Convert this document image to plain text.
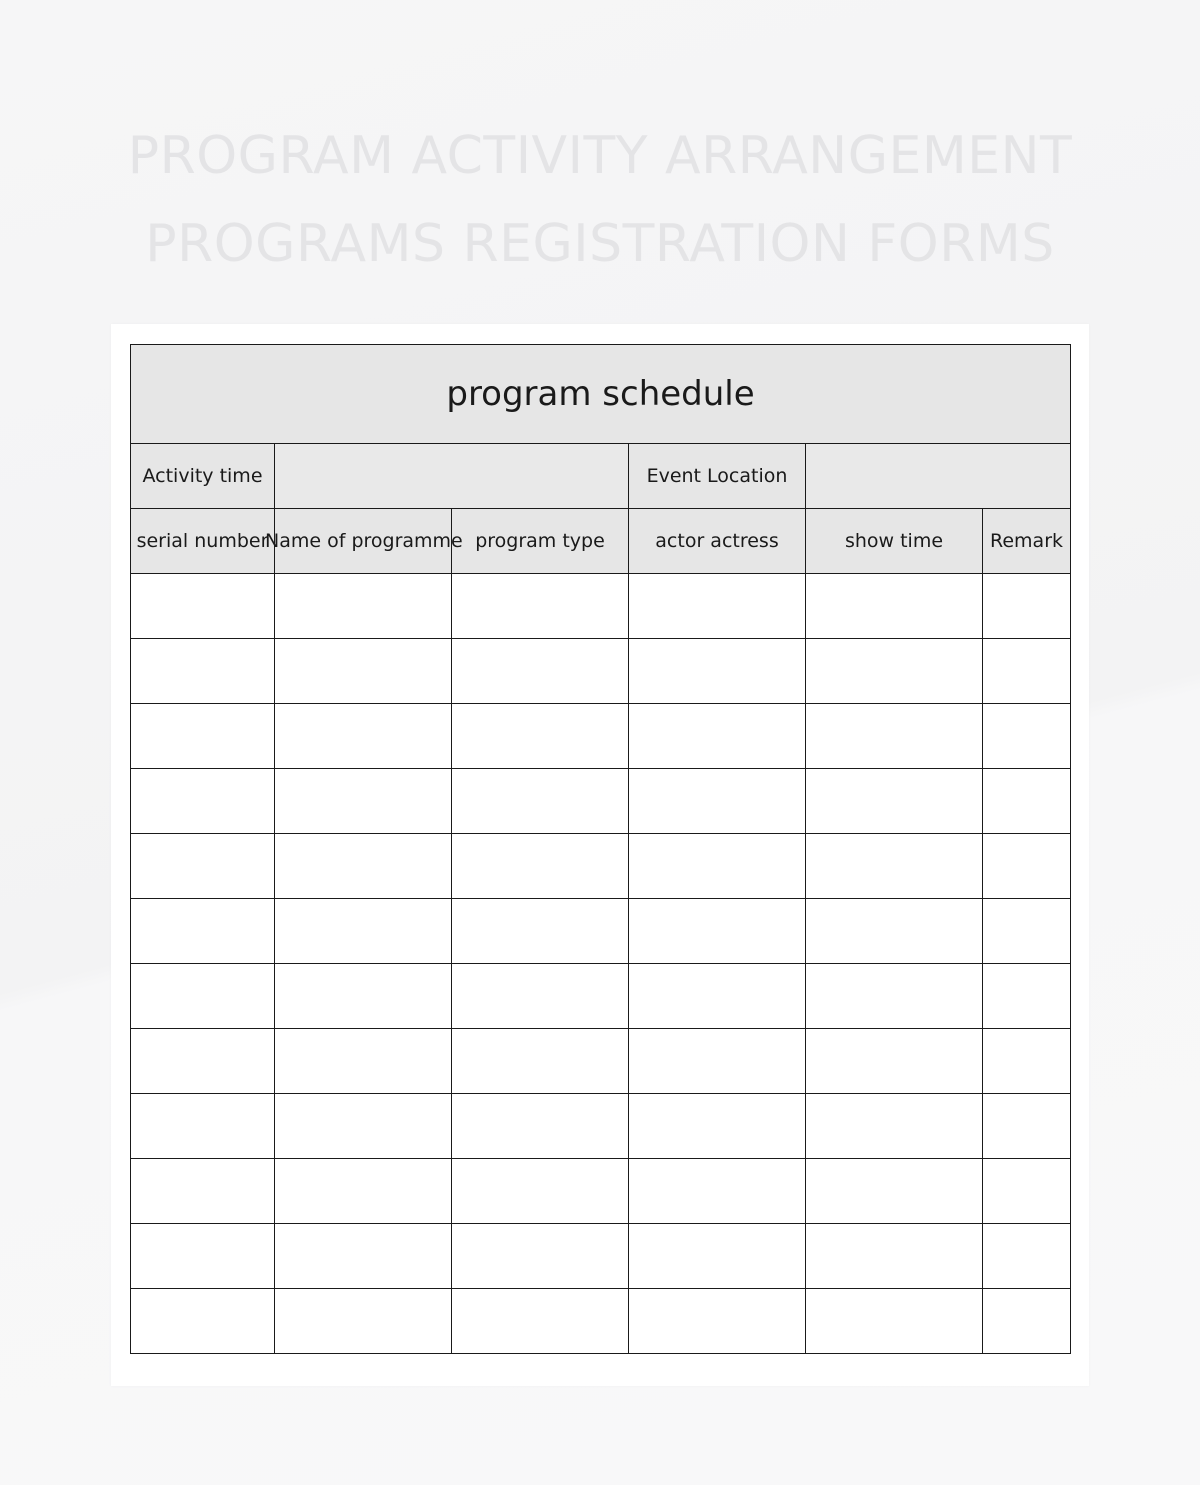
PROGRAM ACTIVITY ARRANGEMENT
PROGRAMS REGISTRATION FORMS
program schedule					
Activity time			Event Location		
serial number	Name of programme	program type	actor actress	show time	Remark
